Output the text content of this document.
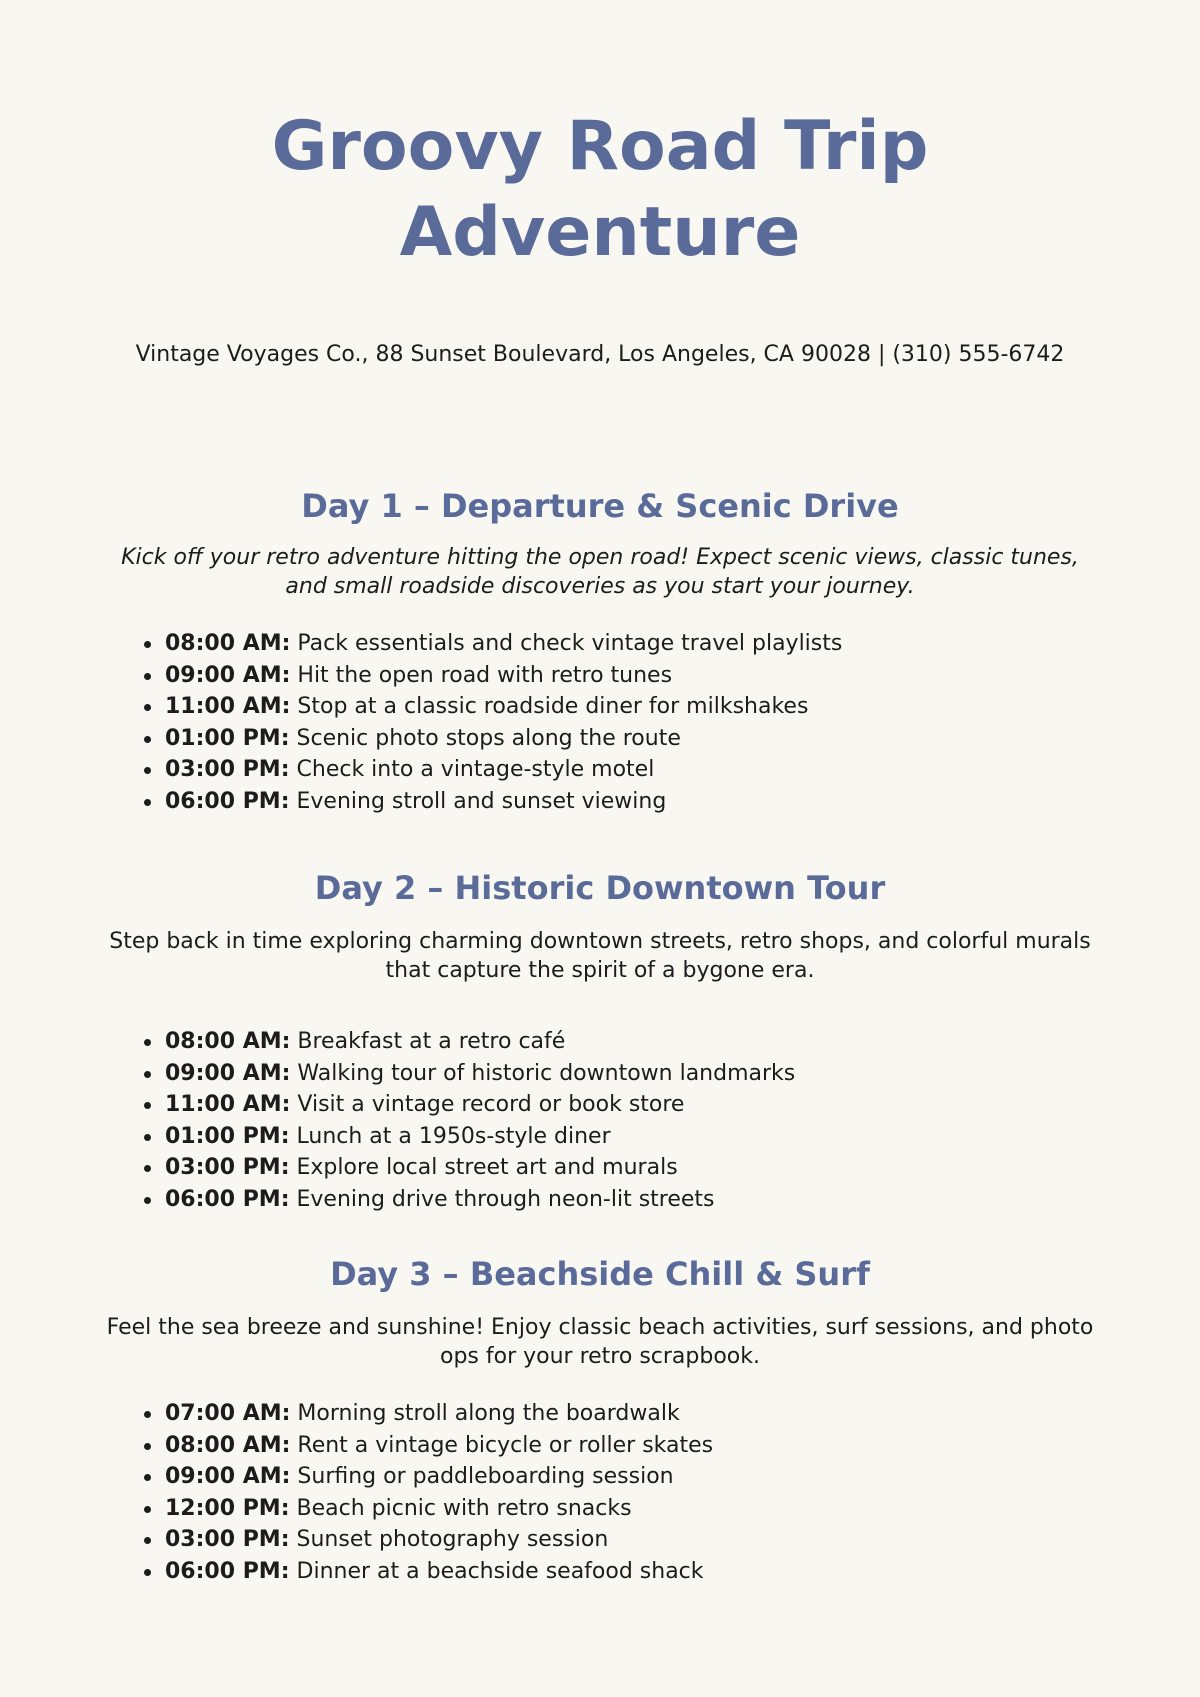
Groovy Road Trip
Adventure

Vintage Voyages Co., 88 Sunset Boulevard, Los Angeles, CA 90028 | (310) 555-6742

Day 1 – Departure & Scenic Drive

Kick off your retro adventure hitting the open road! Expect scenic views, classic tunes, and small roadside discoveries as you start your journey.

08:00 AM: Pack essentials and check vintage travel playlists
09:00 AM: Hit the open road with retro tunes
11:00 AM: Stop at a classic roadside diner for milkshakes
01:00 PM: Scenic photo stops along the route
03:00 PM: Check into a vintage-style motel
06:00 PM: Evening stroll and sunset viewing
Day 2 – Historic Downtown Tour

Step back in time exploring charming downtown streets, retro shops, and colorful murals that capture the spirit of a bygone era.

08:00 AM: Breakfast at a retro café
09:00 AM: Walking tour of historic downtown landmarks
11:00 AM: Visit a vintage record or book store
01:00 PM: Lunch at a 1950s-style diner
03:00 PM: Explore local street art and murals
06:00 PM: Evening drive through neon-lit streets
Day 3 – Beachside Chill & Surf

Feel the sea breeze and sunshine! Enjoy classic beach activities, surf sessions, and photo ops for your retro scrapbook.

07:00 AM: Morning stroll along the boardwalk
08:00 AM: Rent a vintage bicycle or roller skates
09:00 AM: Surfing or paddleboarding session
12:00 PM: Beach picnic with retro snacks
03:00 PM: Sunset photography session
06:00 PM: Dinner at a beachside seafood shack
